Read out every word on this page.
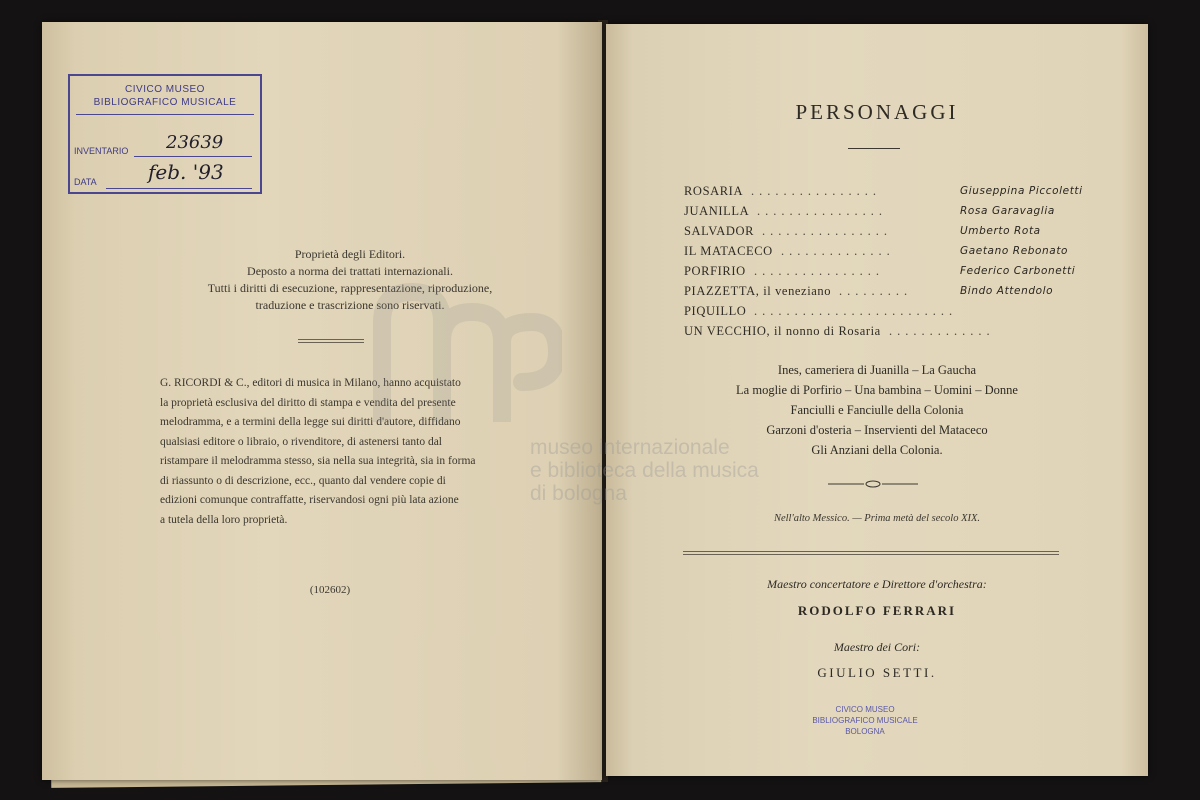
CIVICO MUSEO
BIBLIOGRAFICO MUSICALE
INVENTARIO 23639
DATA	feb. '93
Proprietà degli Editori.
Deposto a norma dei trattati internazionali.
Tutti i diritti di esecuzione, rappresentazione, riproduzione,
traduzione e trascrizione sono riservati.
G. RICORDI & C., editori di musica in Milano, hanno acquistato
la proprietà esclusiva del diritto di stampa e vendita del presente
melodramma, e a termini della legge sui diritti d'autore, diffidano
qualsiasi editore o libraio, o rivenditore, di astenersi tanto dal
ristampare il melodramma stesso, sia nella sua integrità, sia in forma
di riassunto o di descrizione, ecc., quanto dal vendere copie di
edizioni comunque contraffatte, riservandosi ogni più lata azione
a tutela della loro proprietà.
(102602)
museo internazionale
e biblioteca della musica
di bologna
PERSONAGGI
ROSARIA ................	Giuseppina Piccoletti
JUANILLA ................	Rosa Garavaglia
SALVADOR ................	Umberto Rota
IL MATACECO ..............	Gaetano Rebonato
PORFIRIO ................	Federico Carbonetti
PIAZZETTA, il veneziano .........	Bindo Attendolo
PIQUILLO .........................
UN VECCHIO, il nonno di Rosaria .............
Ines, cameriera di Juanilla – La Gaucha
La moglie di Porfirio – Una bambina – Uomini – Donne
Fanciulli e Fanciulle della Colonia
Garzoni d'osteria – Inservienti del Mataceco
Gli Anziani della Colonia.
Nell'alto Messico. — Prima metà del secolo XIX.
Maestro concertatore e Direttore d'orchestra:
RODOLFO FERRARI
Maestro dei Cori:
GIULIO SETTI.
CIVICO MUSEO
BIBLIOGRAFICO MUSICALE
BOLOGNA
